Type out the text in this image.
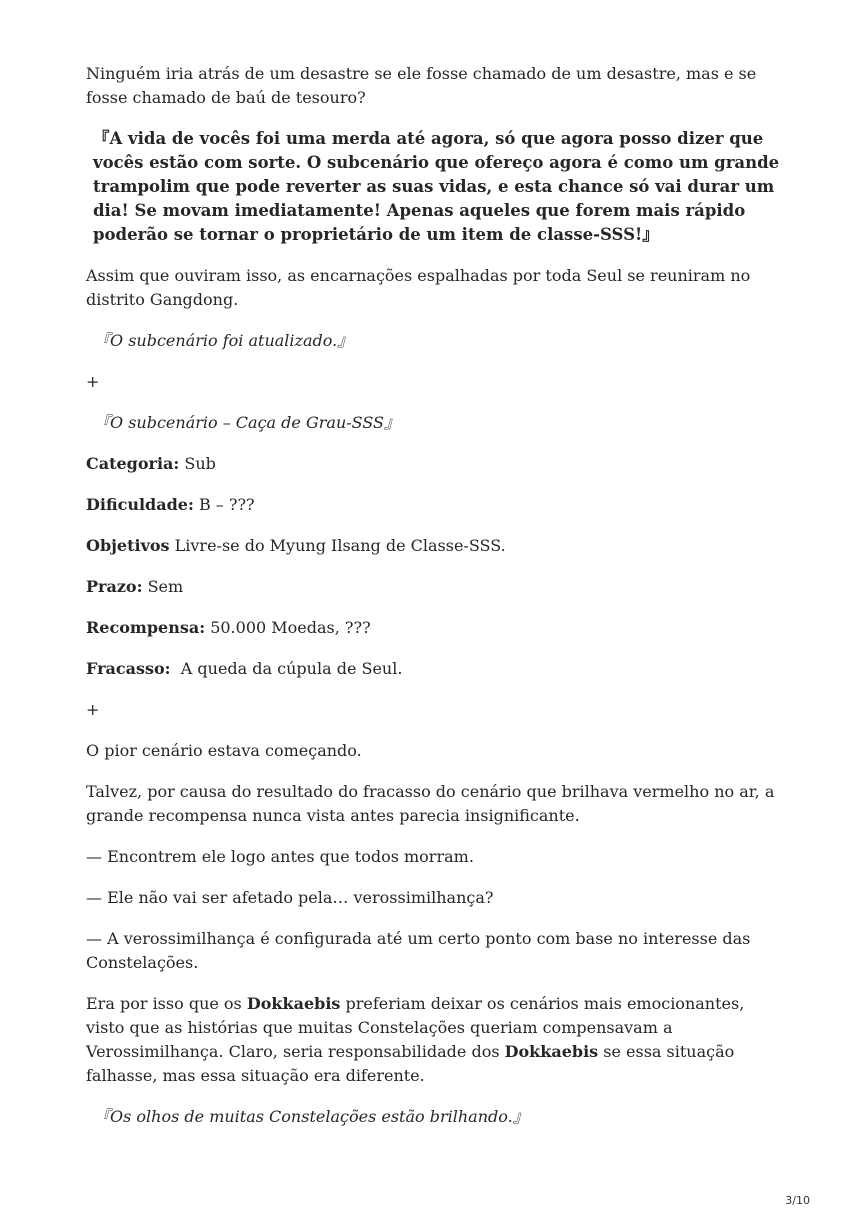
Ninguém iria atrás de um desastre se ele fosse chamado de um desastre, mas e se fosse chamado de baú de tesouro?

『A vida de vocês foi uma merda até agora, só que agora posso dizer que vocês estão com sorte. O subcenário que ofereço agora é como um grande trampolim que pode reverter as suas vidas, e esta chance só vai durar um dia! Se movam imediatamente! Apenas aqueles que forem mais rápido poderão se tornar o proprietário de um item de classe-SSS!』

Assim que ouviram isso, as encarnações espalhadas por toda Seul se reuniram no distrito Gangdong.

『O subcenário foi atualizado.』

+

『O subcenário – Caça de Grau-SSS』

Categoria: Sub

Dificuldade: B – ???

Objetivos Livre-se do Myung Ilsang de Classe-SSS.

Prazo: Sem

Recompensa: 50.000 Moedas, ???

Fracasso:  A queda da cúpula de Seul.

+

O pior cenário estava começando.

Talvez, por causa do resultado do fracasso do cenário que brilhava vermelho no ar, a grande recompensa nunca vista antes parecia insignificante.

— Encontrem ele logo antes que todos morram.

— Ele não vai ser afetado pela… verossimilhança?

— A verossimilhança é configurada até um certo ponto com base no interesse das Constelações.

Era por isso que os Dokkaebis preferiam deixar os cenários mais emocionantes, visto que as histórias que muitas Constelações queriam compensavam a Verossimilhança. Claro, seria responsabilidade dos Dokkaebis se essa situação falhasse, mas essa situação era diferente.

『Os olhos de muitas Constelações estão brilhando.』

3/10
